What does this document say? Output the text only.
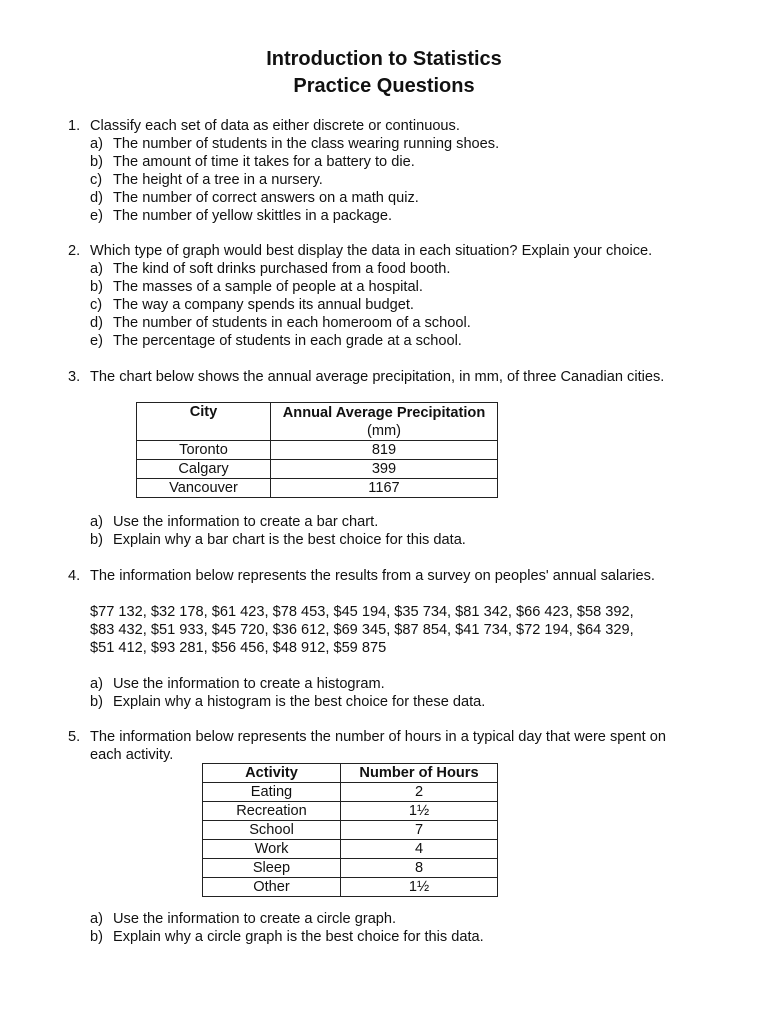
Introduction to Statistics
Practice Questions
1. Classify each set of data as either discrete or continuous.
a) The number of students in the class wearing running shoes.
b) The amount of time it takes for a battery to die.
c) The height of a tree in a nursery.
d) The number of correct answers on a math quiz.
e) The number of yellow skittles in a package.
2. Which type of graph would best display the data in each situation? Explain your choice.
a) The kind of soft drinks purchased from a food booth.
b) The masses of a sample of people at a hospital.
c) The way a company spends its annual budget.
d) The number of students in each homeroom of a school.
e) The percentage of students in each grade at a school.
3. The chart below shows the annual average precipitation, in mm, of three Canadian cities.
City	Annual Average Precipitation
(mm)
Toronto	819
Calgary	399
Vancouver	1167
a) Use the information to create a bar chart.
b) Explain why a bar chart is the best choice for this data.
4. The information below represents the results from a survey on peoples' annual salaries.
$77 132, $32 178, $61 423, $78 453, $45 194, $35 734, $81 342, $66 423, $58 392,
$83 432, $51 933, $45 720, $36 612, $69 345, $87 854, $41 734, $72 194, $64 329,
$51 412, $93 281, $56 456, $48 912, $59 875
a) Use the information to create a histogram.
b) Explain why a histogram is the best choice for these data.
5. The information below represents the number of hours in a typical day that were spent on
each activity.
Activity	Number of Hours
Eating	2
Recreation	1½
School	7
Work	4
Sleep	8
Other	1½
a) Use the information to create a circle graph.
b) Explain why a circle graph is the best choice for this data.
